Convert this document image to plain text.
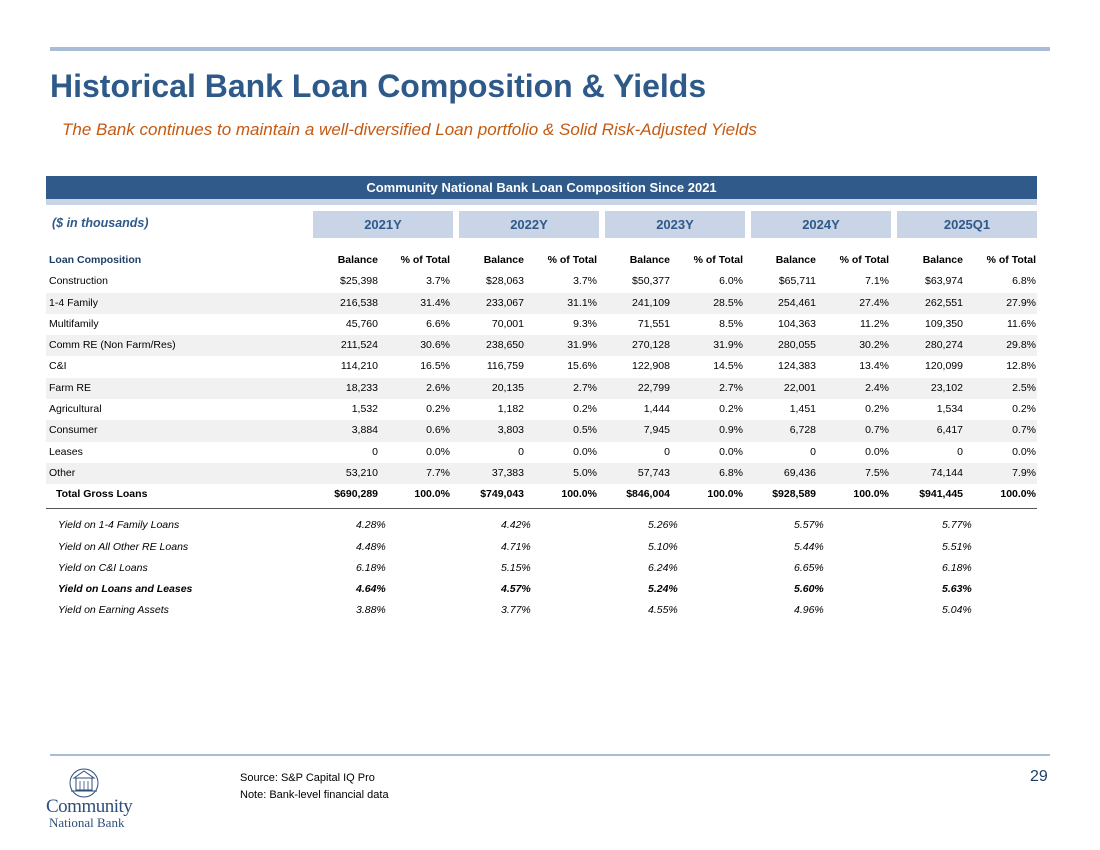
Historical Bank Loan Composition & Yields
The Bank continues to maintain a well-diversified Loan portfolio & Solid Risk-Adjusted Yields
Community National Bank Loan Composition Since 2021
($ in thousands)	2021Y	2022Y	2023Y	2024Y	2025Q1
Loan Composition	Balance	% of Total	Balance	% of Total	Balance	% of Total	Balance	% of Total	Balance	% of Total
Construction	$25,398	3.7%	$28,063	3.7%	$50,377	6.0%	$65,711	7.1%	$63,974	6.8%
1-4 Family	216,538	31.4%	233,067	31.1%	241,109	28.5%	254,461	27.4%	262,551	27.9%
Multifamily	45,760	6.6%	70,001	9.3%	71,551	8.5%	104,363	11.2%	109,350	11.6%
Comm RE (Non Farm/Res)	211,524	30.6%	238,650	31.9%	270,128	31.9%	280,055	30.2%	280,274	29.8%
C&I	114,210	16.5%	116,759	15.6%	122,908	14.5%	124,383	13.4%	120,099	12.8%
Farm RE	18,233	2.6%	20,135	2.7%	22,799	2.7%	22,001	2.4%	23,102	2.5%
Agricultural	1,532	0.2%	1,182	0.2%	1,444	0.2%	1,451	0.2%	1,534	0.2%
Consumer	3,884	0.6%	3,803	0.5%	7,945	0.9%	6,728	0.7%	6,417	0.7%
Leases	0	0.0%	0	0.0%	0	0.0%	0	0.0%	0	0.0%
Other	53,210	7.7%	37,383	5.0%	57,743	6.8%	69,436	7.5%	74,144	7.9%
Total Gross Loans	$690,289	100.0%	$749,043	100.0%	$846,004	100.0%	$928,589	100.0%	$941,445	100.0%
Yield on 1-4 Family Loans	4.28%	4.42%	5.26%	5.57%	5.77%
Yield on All Other RE Loans	4.48%	4.71%	5.10%	5.44%	5.51%
Yield on C&I Loans	6.18%	5.15%	6.24%	6.65%	6.18%
Yield on Loans and Leases	4.64%	4.57%	5.24%	5.60%	5.63%
Yield on Earning Assets	3.88%	3.77%	4.55%	4.96%	5.04%
Community
National Bank
Source: S&P Capital IQ Pro
Note: Bank-level financial data
29
